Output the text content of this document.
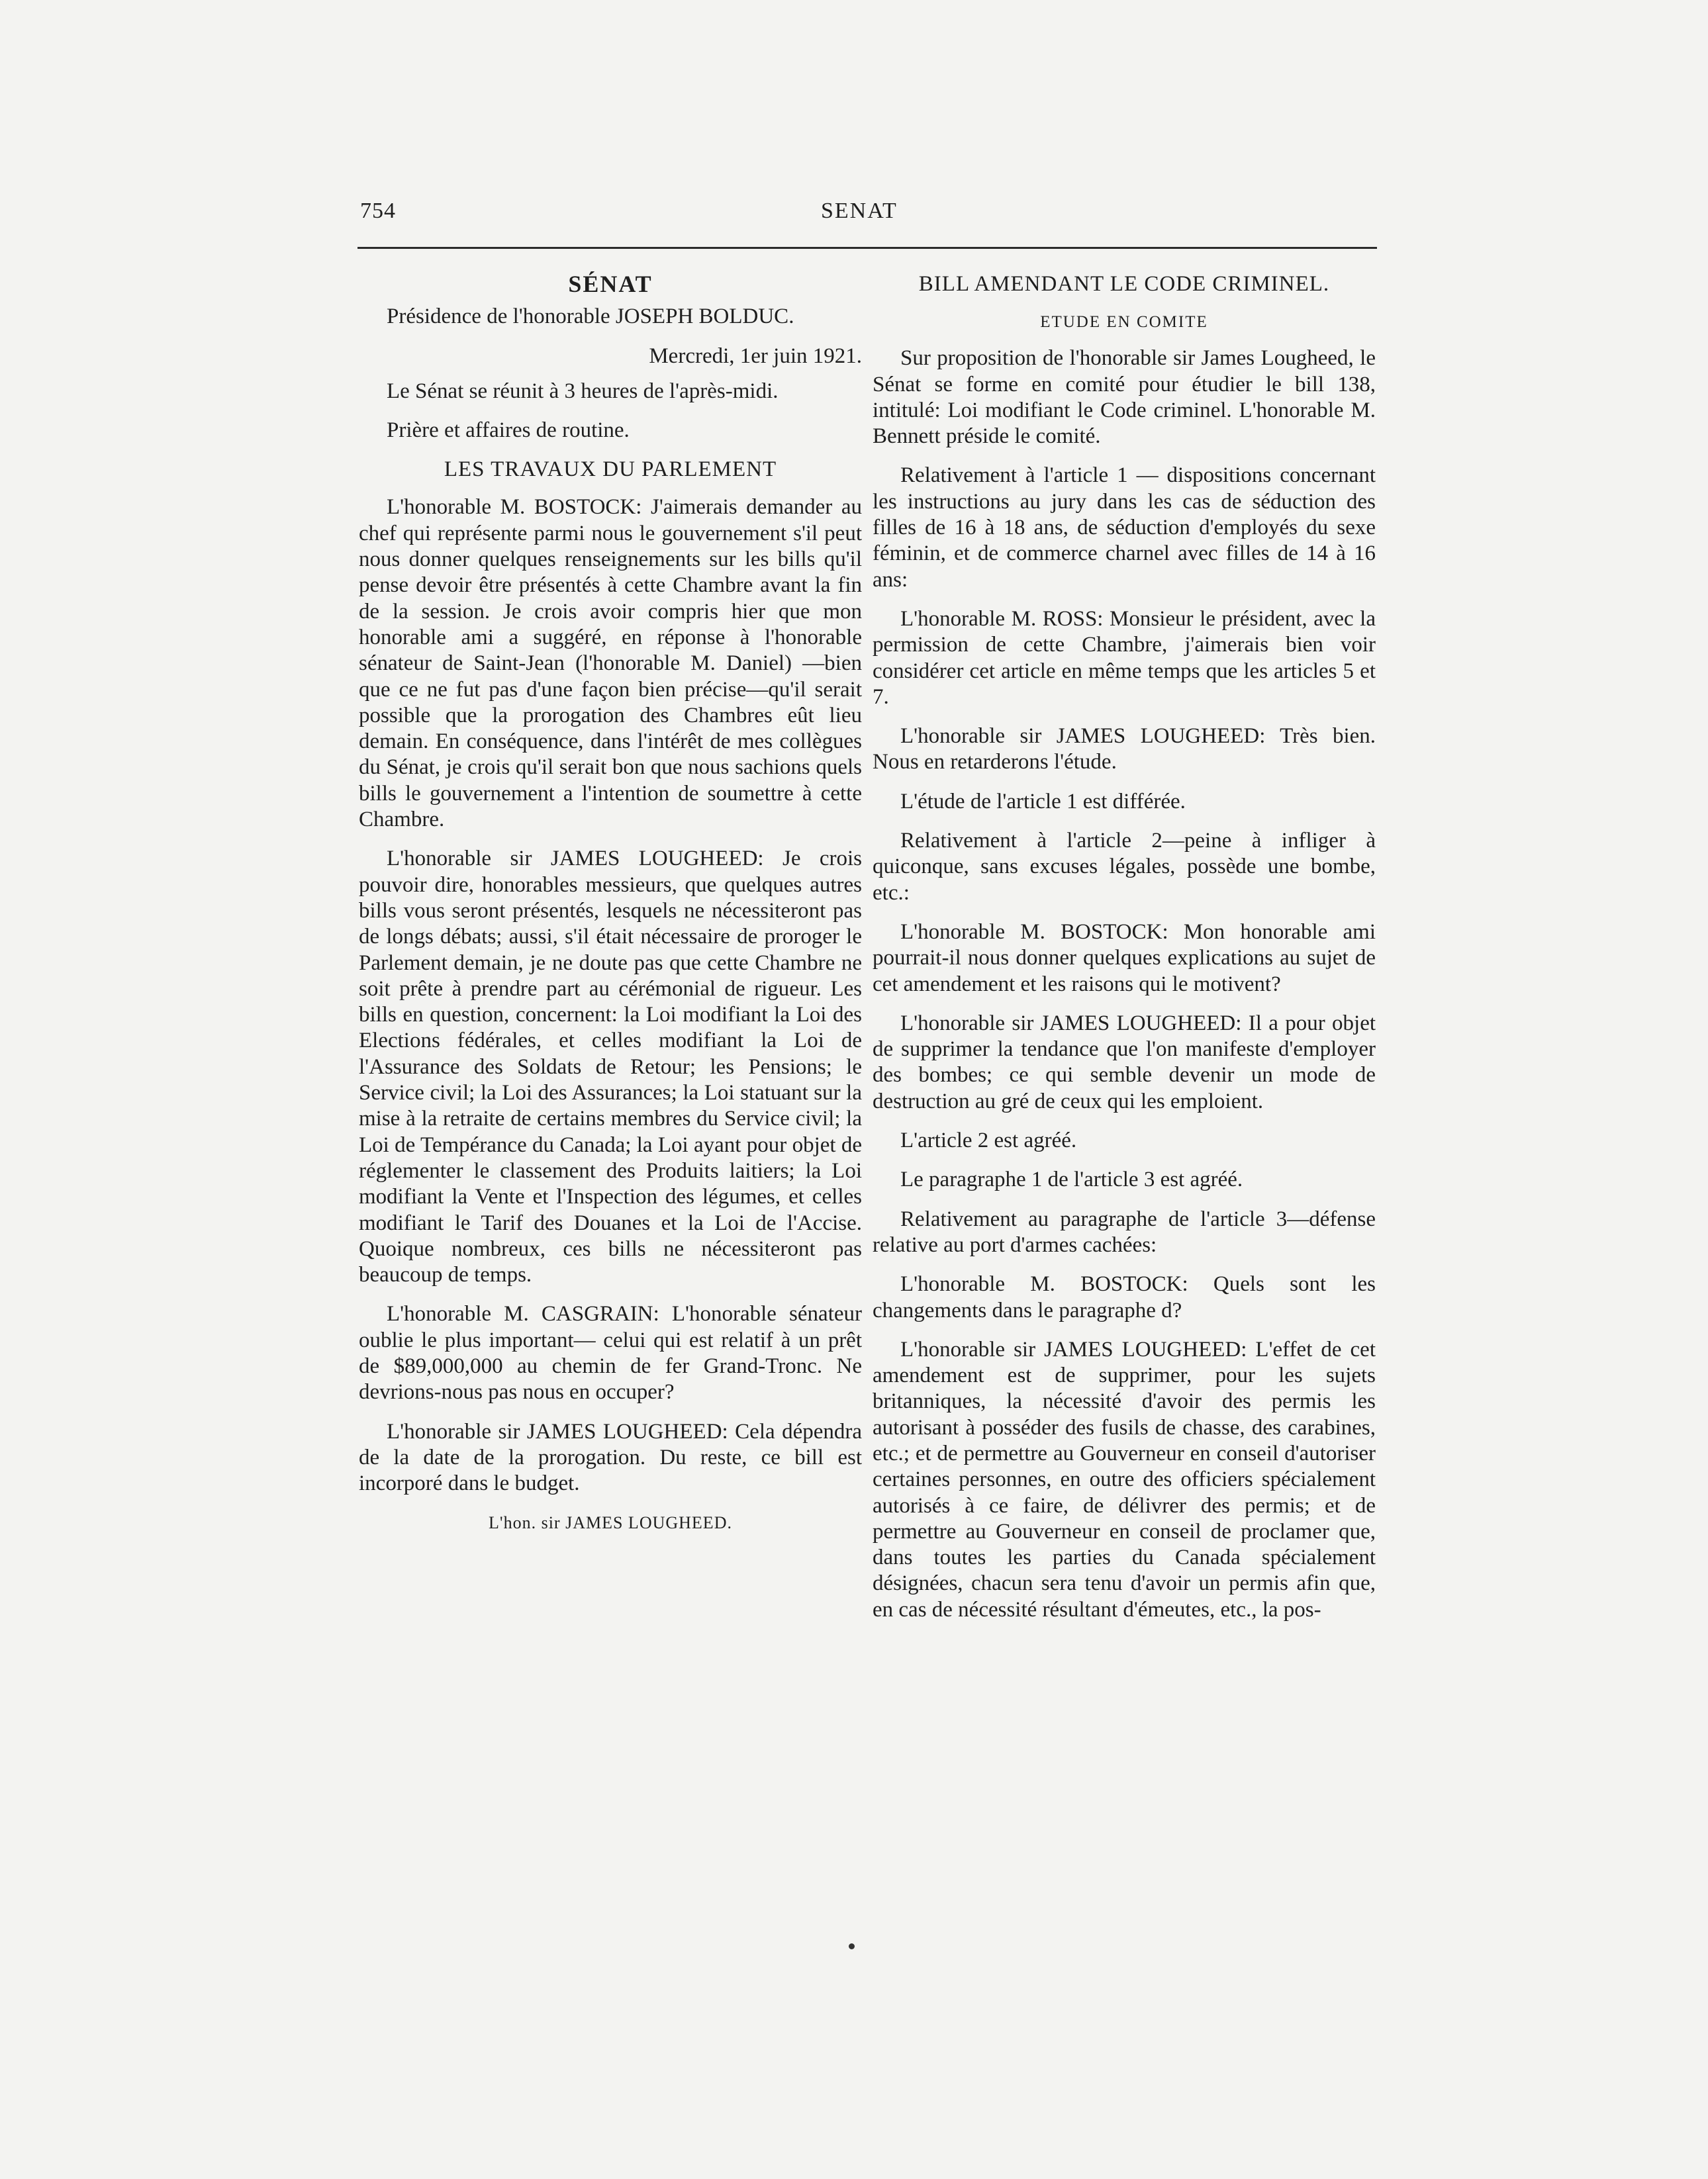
754	SENAT
SÉNAT

Présidence de l'honorable JOSEPH BOLDUC.

Mercredi, 1er juin 1921.

Le Sénat se réunit à 3 heures de l'après-midi.

Prière et affaires de routine.

LES TRAVAUX DU PARLEMENT

L'honorable M. BOSTOCK: J'aimerais demander au chef qui représente parmi nous le gouvernement s'il peut nous donner quelques renseignements sur les bills qu'il pense devoir être présentés à cette Chambre avant la fin de la session. Je crois avoir compris hier que mon honorable ami a suggéré, en réponse à l'honorable sénateur de Saint-Jean (l'honorable M. Daniel) —bien que ce ne fut pas d'une façon bien précise—qu'il serait possible que la prorogation des Chambres eût lieu demain. En conséquence, dans l'intérêt de mes collègues du Sénat, je crois qu'il serait bon que nous sachions quels bills le gouvernement a l'intention de soumettre à cette Chambre.

L'honorable sir JAMES LOUGHEED: Je crois pouvoir dire, honorables messieurs, que quelques autres bills vous seront présentés, lesquels ne nécessiteront pas de longs débats; aussi, s'il était nécessaire de proroger le Parlement demain, je ne doute pas que cette Chambre ne soit prête à prendre part au cérémonial de rigueur. Les bills en question, concernent: la Loi modifiant la Loi des Elections fédérales, et celles modifiant la Loi de l'Assurance des Soldats de Retour; les Pensions; le Service civil; la Loi des Assurances; la Loi statuant sur la mise à la retraite de certains membres du Service civil; la Loi de Tempérance du Canada; la Loi ayant pour objet de réglementer le classement des Produits laitiers; la Loi modifiant la Vente et l'Inspection des légumes, et celles modifiant le Tarif des Douanes et la Loi de l'Accise. Quoique nombreux, ces bills ne nécessiteront pas beaucoup de temps.

L'honorable M. CASGRAIN: L'honorable sénateur oublie le plus important— celui qui est relatif à un prêt de $89,000,000 au chemin de fer Grand-Tronc. Ne devrions-nous pas nous en occuper?

L'honorable sir JAMES LOUGHEED: Cela dépendra de la date de la prorogation. Du reste, ce bill est incorporé dans le budget.

L'hon. sir JAMES LOUGHEED.
BILL AMENDANT LE CODE CRIMINEL.
ETUDE EN COMITE

Sur proposition de l'honorable sir James Lougheed, le Sénat se forme en comité pour étudier le bill 138, intitulé: Loi modifiant le Code criminel. L'honorable M. Bennett préside le comité.

Relativement à l'article 1 — dispositions concernant les instructions au jury dans les cas de séduction des filles de 16 à 18 ans, de séduction d'employés du sexe féminin, et de commerce charnel avec filles de 14 à 16 ans:

L'honorable M. ROSS: Monsieur le président, avec la permission de cette Chambre, j'aimerais bien voir considérer cet article en même temps que les articles 5 et 7.

L'honorable sir JAMES LOUGHEED: Très bien. Nous en retarderons l'étude.

L'étude de l'article 1 est différée.

Relativement à l'article 2—peine à infliger à quiconque, sans excuses légales, possède une bombe, etc.:

L'honorable M. BOSTOCK: Mon honorable ami pourrait-il nous donner quelques explications au sujet de cet amendement et les raisons qui le motivent?

L'honorable sir JAMES LOUGHEED: Il a pour objet de supprimer la tendance que l'on manifeste d'employer des bombes; ce qui semble devenir un mode de destruction au gré de ceux qui les emploient.

L'article 2 est agréé.

Le paragraphe 1 de l'article 3 est agréé.

Relativement au paragraphe de l'article 3—défense relative au port d'armes cachées:

L'honorable M. BOSTOCK: Quels sont les changements dans le paragraphe d?

L'honorable sir JAMES LOUGHEED: L'effet de cet amendement est de supprimer, pour les sujets britanniques, la nécessité d'avoir des permis les autorisant à posséder des fusils de chasse, des carabines, etc.; et de permettre au Gouverneur en conseil d'autoriser certaines personnes, en outre des officiers spécialement autorisés à ce faire, de délivrer des permis; et de permettre au Gouverneur en conseil de proclamer que, dans toutes les parties du Canada spécialement désignées, chacun sera tenu d'avoir un permis afin que, en cas de nécessité résultant d'émeutes, etc., la pos-
